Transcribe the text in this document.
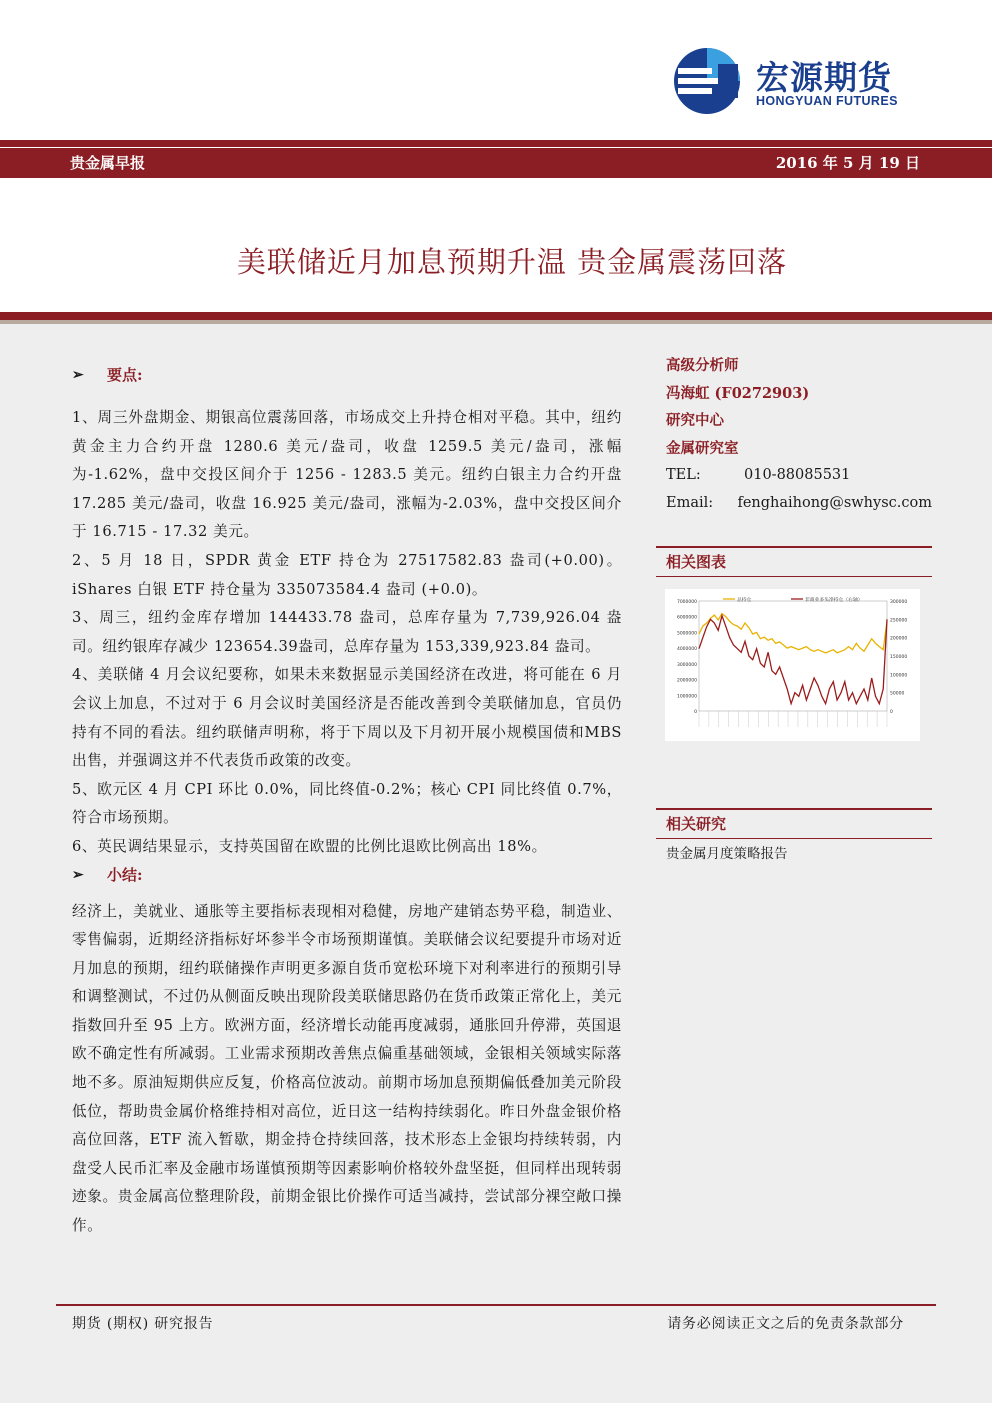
宏源期货
HONGYUAN FUTURES
贵金属早报	2016 年 5 月 19 日
美联储近月加息预期升温 贵金属震荡回落
➢ 要点:
1、周三外盘期金、期银高位震荡回落，市场成交上升持仓相对平稳。其中，纽约黄金主力合约开盘 1280.6 美元/盎司，收盘 1259.5 美元/盎司，涨幅为-1.62%，盘中交投区间介于 1256 - 1283.5 美元。纽约白银主力合约开盘 17.285 美元/盎司，收盘 16.925 美元/盎司，涨幅为-2.03%，盘中交投区间介于 16.715 - 17.32 美元。
2、5 月 18 日，SPDR 黄金 ETF 持仓为 27517582.83 盎司(+0.00)。iShares 白银 ETF 持仓量为 335073584.4 盎司 (+0.0)。
3、周三，纽约金库存增加 144433.78 盎司，总库存量为 7,739,926.04 盎司。纽约银库存减少 123654.39盎司，总库存量为 153,339,923.84 盎司。
4、美联储 4 月会议纪要称，如果未来数据显示美国经济在改进，将可能在 6 月会议上加息，不过对于 6 月会议时美国经济是否能改善到令美联储加息，官员仍持有不同的看法。纽约联储声明称，将于下周以及下月初开展小规模国债和MBS 出售，并强调这并不代表货币政策的改变。
5、欧元区 4 月 CPI 环比 0.0%，同比终值-0.2%；核心 CPI 同比终值 0.7%，符合市场预期。
6、英民调结果显示，支持英国留在欧盟的比例比退欧比例高出 18%。
➢ 小结:
经济上，美就业、通胀等主要指标表现相对稳健，房地产建销态势平稳，制造业、零售偏弱，近期经济指标好坏参半令市场预期谨慎。美联储会议纪要提升市场对近月加息的预期，纽约联储操作声明更多源自货币宽松环境下对利率进行的预期引导和调整测试，不过仍从侧面反映出现阶段美联储思路仍在货币政策正常化上，美元指数回升至 95 上方。欧洲方面，经济增长动能再度减弱，通胀回升停滞，英国退欧不确定性有所减弱。工业需求预期改善焦点偏重基础领域，金银相关领域实际落地不多。原油短期供应反复，价格高位波动。前期市场加息预期偏低叠加美元阶段低位，帮助贵金属价格维持相对高位，近日这一结构持续弱化。昨日外盘金银价格高位回落，ETF 流入暂歇，期金持仓持续回落，技术形态上金银均持续转弱，内盘受人民币汇率及金融市场谨慎预期等因素影响价格较外盘坚挺，但同样出现转弱迹象。贵金属高位整理阶段，前期金银比价操作可适当减持，尝试部分裸空敞口操作。
高级分析师
冯海虹 (F0272903)
研究中心
金属研究室
TEL:	010-88085531
Email:	fenghaihong@swhysc.com
相关图表
7000000
6000000
5000000
4000000
3000000
2000000
1000000
0
300000
250000
200000
150000
100000
50000
0
总持仓	非商业多头净持仓（右轴）
相关研究
贵金属月度策略报告
期货 (期权) 研究报告	请务必阅读正文之后的免责条款部分
